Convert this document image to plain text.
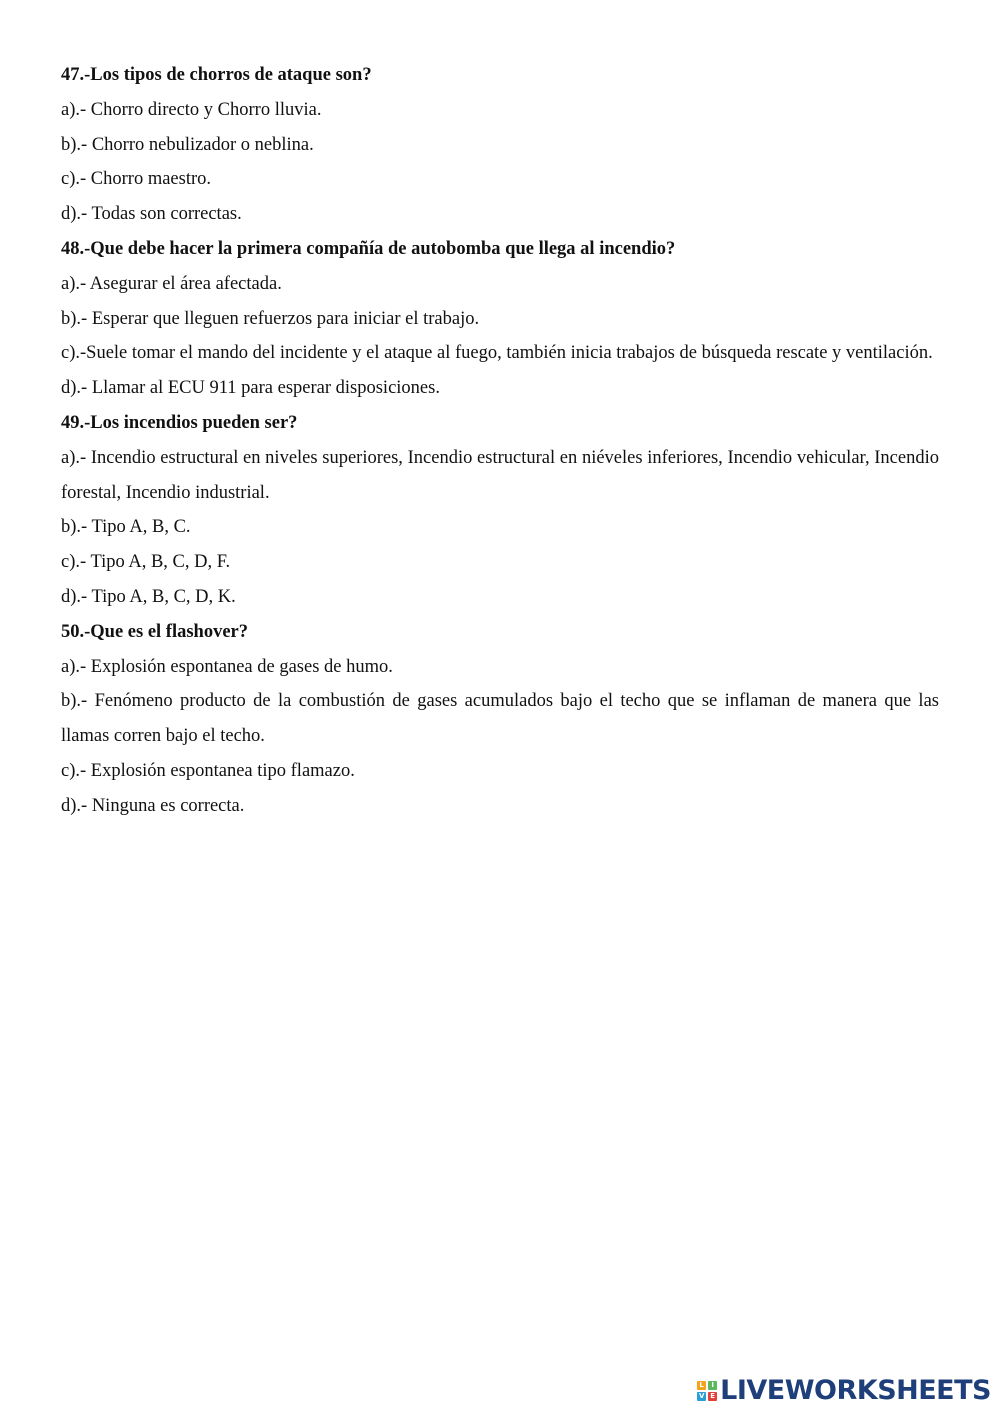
47.-Los tipos de chorros de ataque son?

a).- Chorro directo y Chorro lluvia.

b).- Chorro nebulizador o neblina.

c).- Chorro maestro.

d).- Todas son correctas.

48.-Que debe hacer la primera compañía de autobomba que llega al incendio?

a).- Asegurar el área afectada.

b).- Esperar que lleguen refuerzos para iniciar el trabajo.

c).-Suele tomar el mando del incidente y el ataque al fuego, también inicia trabajos de búsqueda rescate y ventilación.

d).- Llamar al ECU 911 para esperar disposiciones.

49.-Los incendios pueden ser?

a).- Incendio estructural en niveles superiores, Incendio estructural en niéveles inferiores, Incendio vehicular, Incendio forestal, Incendio industrial.

b).- Tipo A, B, C.

c).- Tipo A, B, C, D, F.

d).- Tipo A, B, C, D, K.

50.-Que es el flashover?

a).- Explosión espontanea de gases de humo.

b).- Fenómeno producto de la combustión de gases acumulados bajo el techo que se inflaman de manera que las llamas corren bajo el techo.

c).- Explosión espontanea tipo flamazo.

d).- Ninguna es correcta.

L	I
V E LIVEWORKSHEETS
